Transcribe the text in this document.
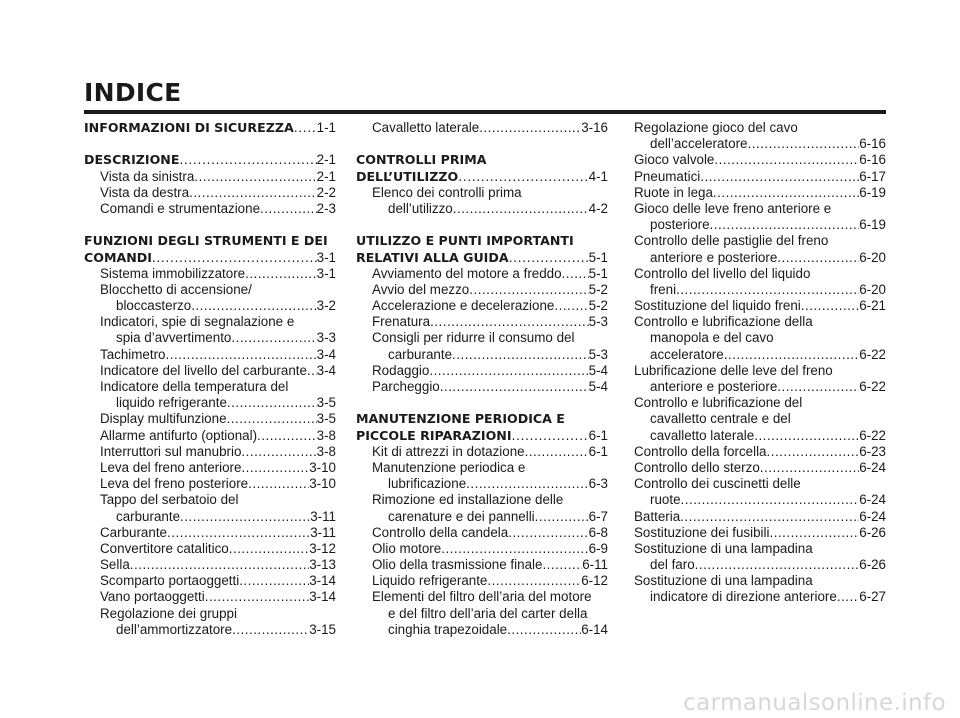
INDICE
INFORMAZIONI DI SICUREZZA ..... 1-1
DESCRIZIONE .....	2-1
Vista da sinistra .....	2-1
Vista da destra .....	2-2
Comandi e strumentazione .....	2-3
FUNZIONI DEGLI STRUMENTI E DEI
COMANDI .....	3-1
Sistema immobilizzatore .....	3-1
Blocchetto di accensione/
bloccasterzo .....	3-2
Indicatori, spie di segnalazione e
spia d’avvertimento .....	3-3
Tachimetro .....	3-4
Indicatore del livello del carburante ..... 3-4
Indicatore della temperatura del
liquido refrigerante .....	3-5
Display multifunzione .....	3-5
Allarme antifurto (optional) .....	3-8
Interruttori sul manubrio .....	3-8
Leva del freno anteriore .....	3-10
Leva del freno posteriore .....	3-10
Tappo del serbatoio del
carburante .....	3-11
Carburante .....	3-11
Convertitore catalitico .....	3-12
Sella .....	3-13
Scomparto portaoggetti .....	3-14
Vano portaoggetti .....	3-14
Regolazione dei gruppi
dell’ammortizzatore .....	3-15
Cavalletto laterale .....	3-16
CONTROLLI PRIMA
DELL’UTILIZZO .....	4-1
Elenco dei controlli prima
dell’utilizzo .....	4-2
UTILIZZO E PUNTI IMPORTANTI
RELATIVI ALLA GUIDA .....	5-1
Avviamento del motore a freddo ..... 5-1
Avvio del mezzo .....	5-2
Accelerazione e decelerazione .....	5-2
Frenatura .....	5-3
Consigli per ridurre il consumo del
carburante .....	5-3
Rodaggio .....	5-4
Parcheggio .....	5-4
MANUTENZIONE PERIODICA E
PICCOLE RIPARAZIONI .....	6-1
Kit di attrezzi in dotazione .....	6-1
Manutenzione periodica e
lubrificazione .....	6-3
Rimozione ed installazione delle
carenature e dei pannelli .....	6-7
Controllo della candela .....	6-8
Olio motore .....	6-9
Olio della trasmissione finale .....	6-11
Liquido refrigerante .....	6-12
Elementi del filtro dell’aria del motore
e del filtro dell’aria del carter della
cinghia trapezoidale .....	6-14
Regolazione gioco del cavo
dell’acceleratore .....	6-16
Gioco valvole .....	6-16
Pneumatici .....	6-17
Ruote in lega .....	6-19
Gioco delle leve freno anteriore e
posteriore .....	6-19
Controllo delle pastiglie del freno
anteriore e posteriore .....	6-20
Controllo del livello del liquido
freni .....	6-20
Sostituzione del liquido freni .....	6-21
Controllo e lubrificazione della
manopola e del cavo
acceleratore .....	6-22
Lubrificazione delle leve del freno
anteriore e posteriore .....	6-22
Controllo e lubrificazione del
cavalletto centrale e del
cavalletto laterale .....	6-22
Controllo della forcella .....	6-23
Controllo dello sterzo .....	6-24
Controllo dei cuscinetti delle
ruote .....	6-24
Batteria .....	6-24
Sostituzione dei fusibili .....	6-26
Sostituzione di una lampadina
del faro .....	6-26
Sostituzione di una lampadina
indicatore di direzione anteriore ..... 6-27
carmanualsonline.info
